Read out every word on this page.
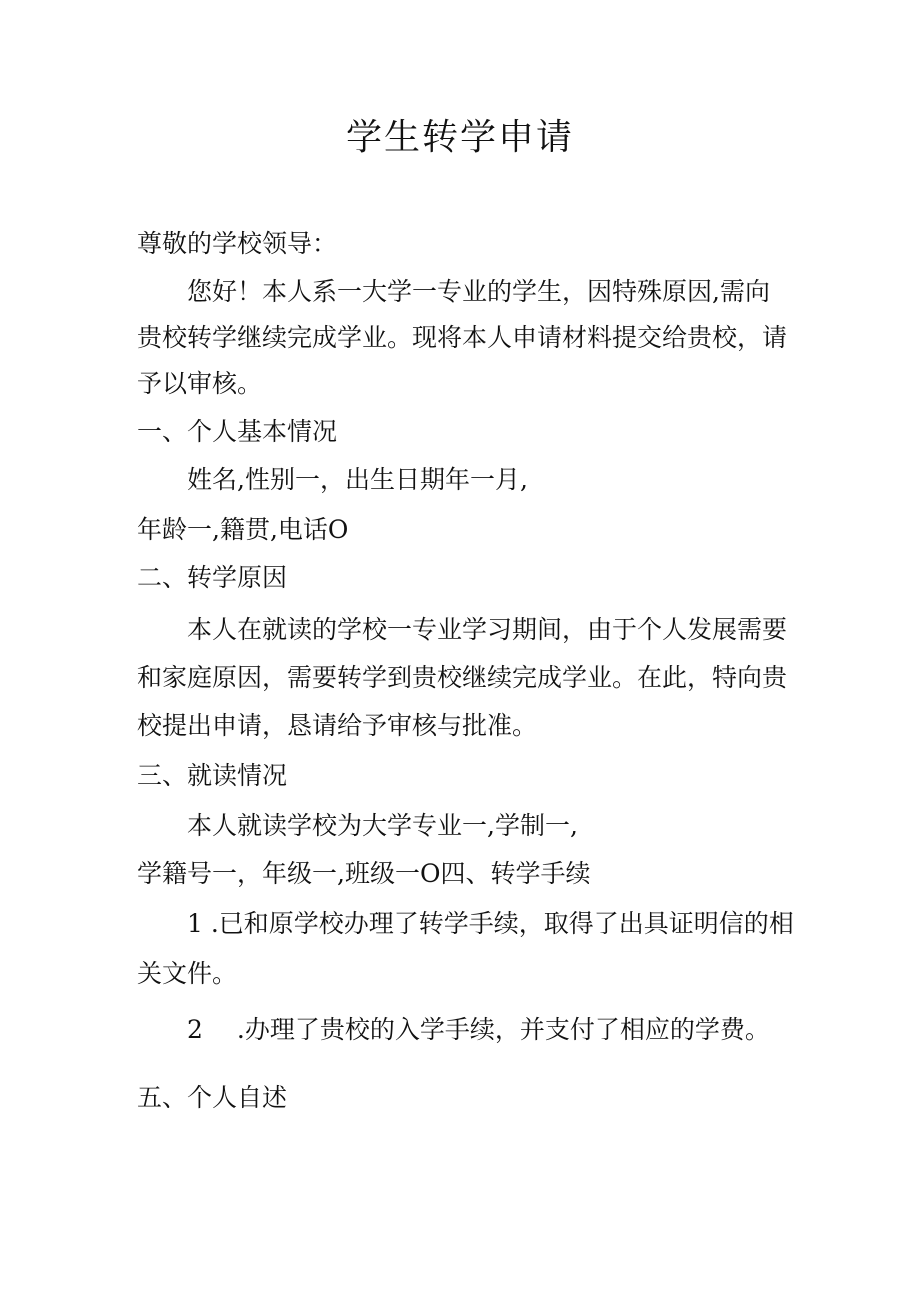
学生转学申请
尊敬的学校领导：
您好！本人系一大学一专业的学生，因特殊原因,需向
贵校转学继续完成学业。现将本人申请材料提交给贵校，请
予以审核。
一、个人基本情况
姓名,性别一，出生日期年一月,
年龄一,籍贯,电话O
二、转学原因
本人在就读的学校一专业学习期间，由于个人发展需要
和家庭原因，需要转学到贵校继续完成学业。在此，特向贵
校提出申请，恳请给予审核与批准。
三、就读情况
本人就读学校为大学专业一,学制一,
学籍号一，年级一,班级一O四、转学手续
1 .已和原学校办理了转学手续，取得了出具证明信的相
关文件。
2 .办理了贵校的入学手续，并支付了相应的学费。
五、个人自述
